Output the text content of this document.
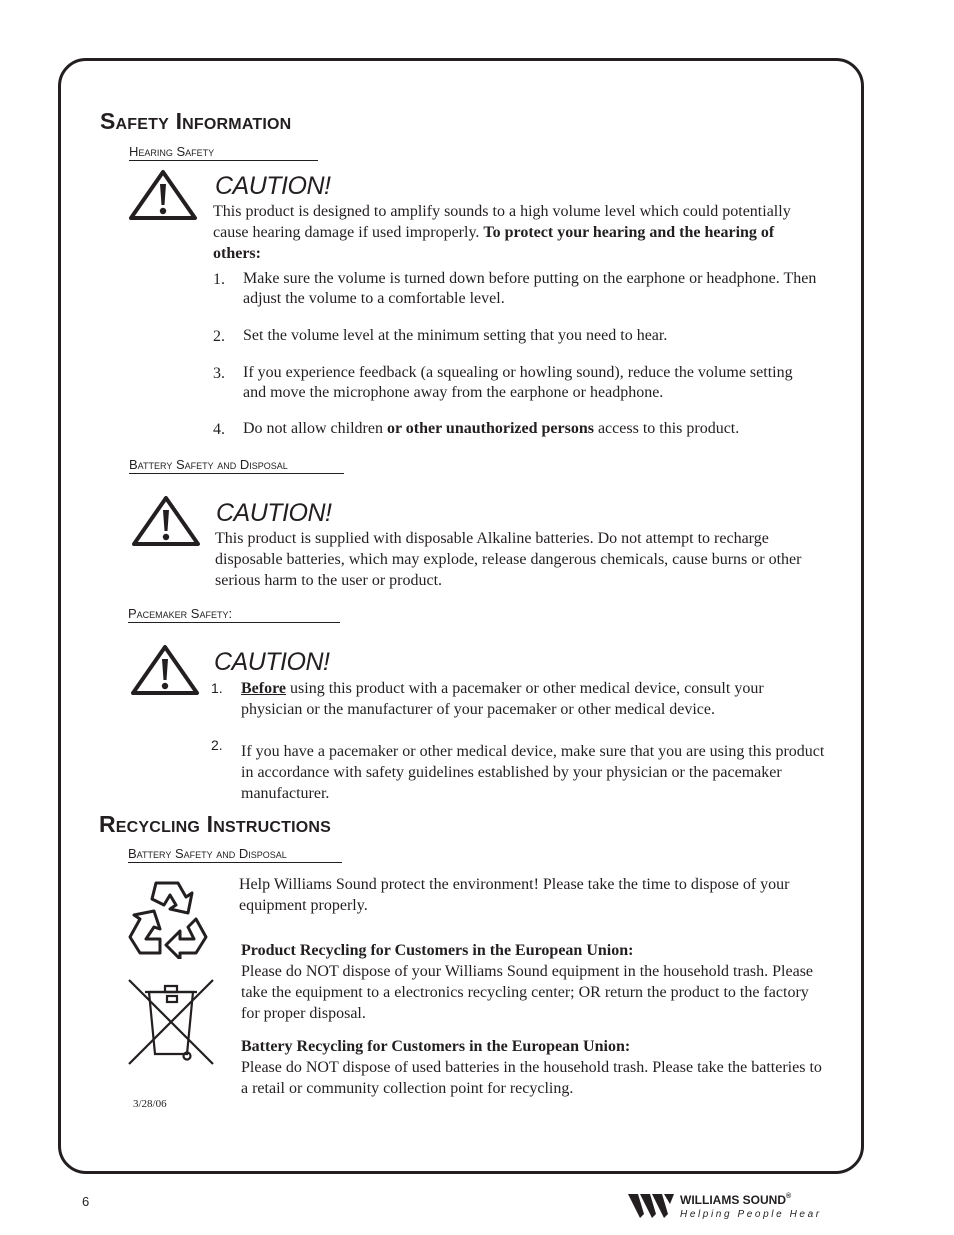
Safety Information
Hearing Safety
CAUTION!
This product is designed to amplify sounds to a high volume level which could potentially cause hearing damage if used improperly. To protect your hearing and the hearing of others:
1. Make sure the volume is turned down before putting on the earphone or headphone. Then adjust the volume to a comfortable level.
2. Set the volume level at the minimum setting that you need to hear.
3. If you experience feedback (a squealing or howling sound), reduce the volume setting and move the microphone away from the earphone or headphone.
4. Do not allow children or other unauthorized persons access to this product.
Battery Safety and Disposal
CAUTION!
This product is supplied with disposable Alkaline batteries. Do not attempt to recharge disposable batteries, which may explode, release dangerous chemicals, cause burns or other serious harm to the user or product.
Pacemaker Safety:
CAUTION!
1. Before using this product with a pacemaker or other medical device, consult your physician or the manufacturer of your pacemaker or other medical device.
2. If you have a pacemaker or other medical device, make sure that you are using this product in accordance with safety guidelines established by your physician or the pacemaker manufacturer.
Recycling Instructions
Battery Safety and Disposal
Help Williams Sound protect the environment! Please take the time to dispose of your equipment properly.
Product Recycling for Customers in the European Union:
Please do NOT dispose of your Williams Sound equipment in the household trash. Please take the equipment to a electronics recycling center; OR return the product to the factory for proper disposal.
Battery Recycling for Customers in the European Union:
Please do NOT dispose of used batteries in the household trash. Please take the batteries to a retail or community collection point for recycling.
3/28/06
6	WILLIAMS SOUND®
Helping People Hear
